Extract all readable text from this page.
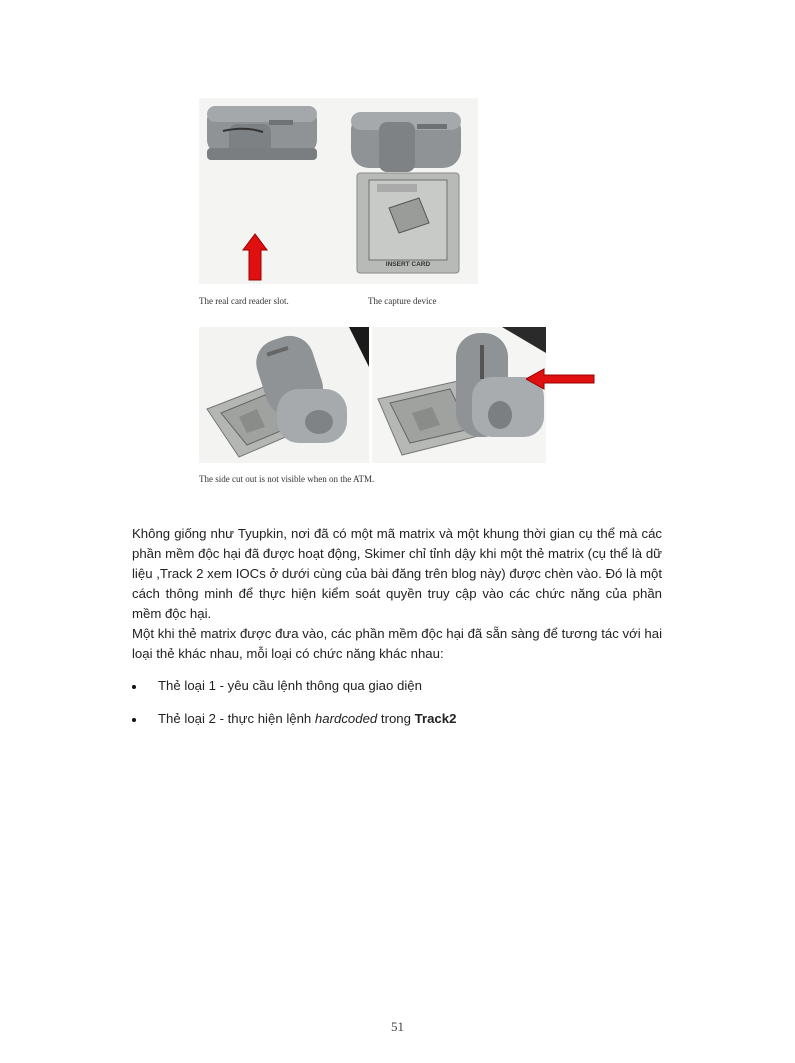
INSERT CARD
The real card reader slot.	The capture device
The side cut out is not visible when on the ATM.

Không giống như Tyupkin, nơi đã có một mã matrix và một khung thời gian cụ thể mà các phần mềm độc hại đã được hoạt động, Skimer chỉ tỉnh dậy khi một thẻ matrix (cụ thể là dữ liệu ,Track 2 xem IOCs ở dưới cùng của bài đăng trên blog này) được chèn vào. Đó là một cách thông minh để thực hiện kiểm soát quyền truy cập vào các chức năng của phần mềm độc hại.

Một khi thẻ matrix được đưa vào, các phần mềm độc hại đã sẵn sàng để tương tác với hai loại thẻ khác nhau, mỗi loại có chức năng khác nhau:

Thẻ loại 1 - yêu cầu lệnh thông qua giao diện
Thẻ loại 2 - thực hiện lệnh hardcoded trong Track2
51
